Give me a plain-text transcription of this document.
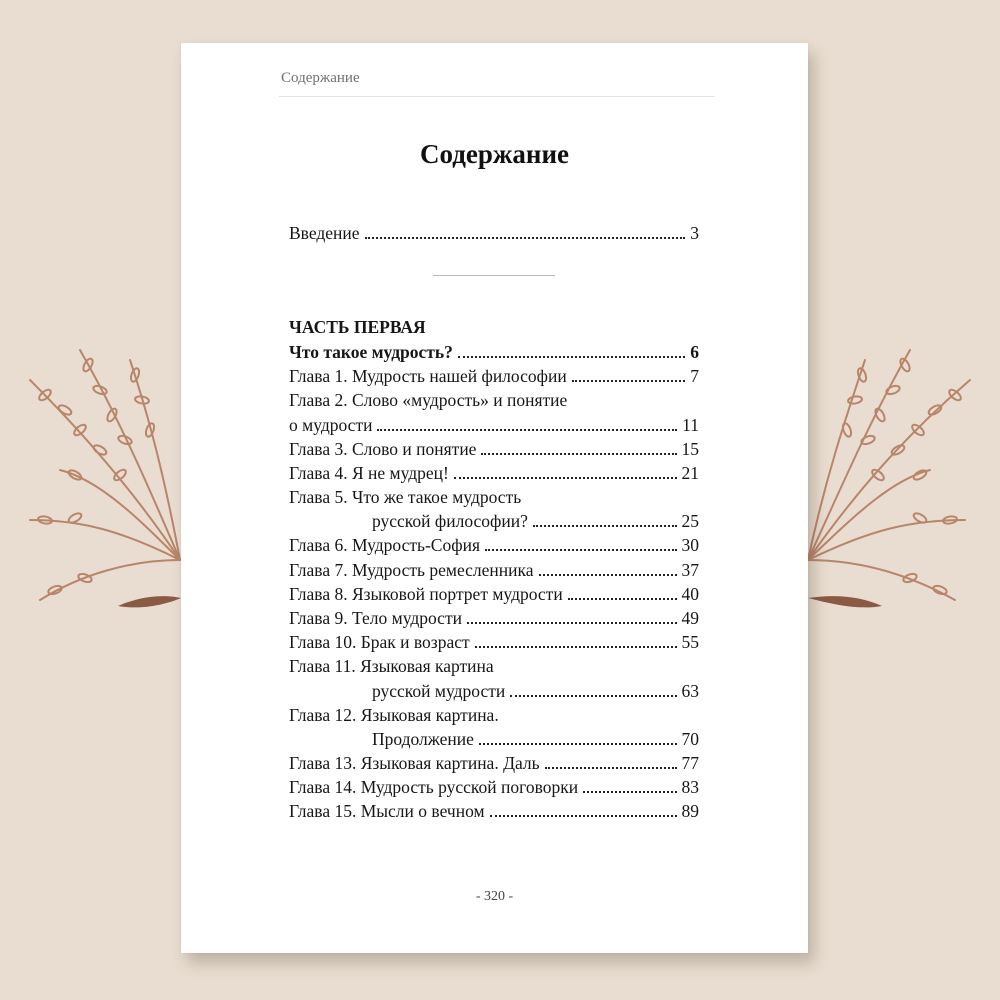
Содержание
Содержание
Введение	3
ЧАСТЬ ПЕРВАЯ
Что такое мудрость?	6
Глава 1. Мудрость нашей философии	7
Глава 2. Слово «мудрость» и понятие
о мудрости	11
Глава 3. Слово и понятие	15
Глава 4. Я не мудрец!	21
Глава 5. Что же такое мудрость
русской философии?	25
Глава 6. Мудрость-София	30
Глава 7. Мудрость ремесленника	37
Глава 8. Языковой портрет мудрости	40
Глава 9. Тело мудрости	49
Глава 10. Брак и возраст	55
Глава 11. Языковая картина
русской мудрости	63
Глава 12. Языковая картина.
Продолжение	70
Глава 13. Языковая картина. Даль	77
Глава 14. Мудрость русской поговорки	83
Глава 15. Мысли о вечном	89
- 320 -
